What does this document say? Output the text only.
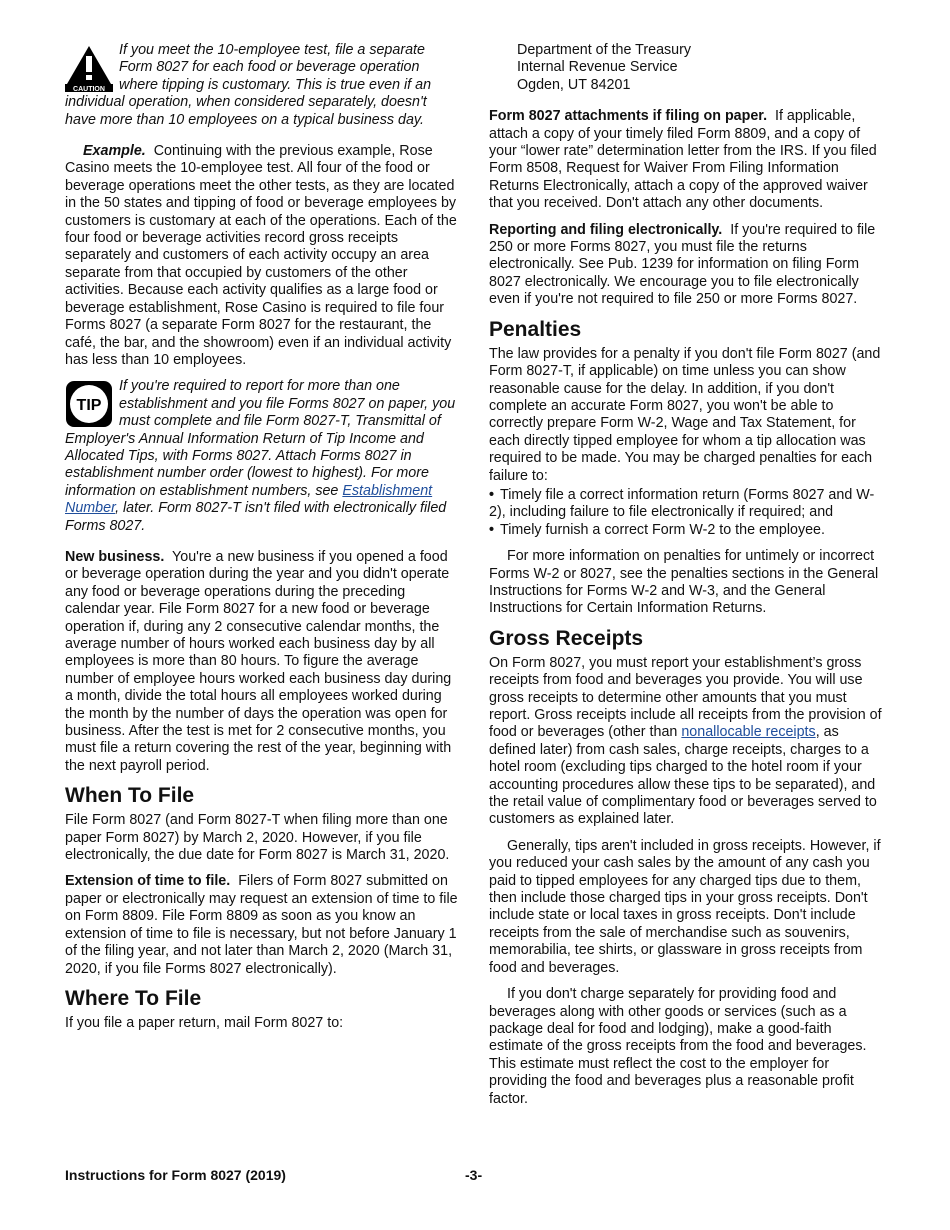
CAUTION

If you meet the 10-employee test, file a separate Form 8027 for each food or beverage operation where tipping is customary. This is true even if an individual operation, when considered separately, doesn't have more than 10 employees on a typical business day.

Example. Continuing with the previous example, Rose Casino meets the 10-employee test. All four of the food or beverage operations meet the other tests, as they are located in the 50 states and tipping of food or beverage employees by customers is customary at each of the operations. Each of the four food or beverage activities record gross receipts separately and customers of each activity occupy an area separate from that occupied by customers of the other activities. Because each activity qualifies as a large food or beverage establishment, Rose Casino is required to file four Forms 8027 (a separate Form 8027 for the restaurant, the café, the bar, and the showroom) even if an individual activity has less than 10 employees.

TIP

If you're required to report for more than one establishment and you file Forms 8027 on paper, you must complete and file Form 8027-T, Transmittal of Employer's Annual Information Return of Tip Income and Allocated Tips, with Forms 8027. Attach Forms 8027 in establishment number order (lowest to highest). For more information on establishment numbers, see Establishment Number, later. Form 8027-T isn't filed with electronically filed Forms 8027.

New business. You're a new business if you opened a food or beverage operation during the year and you didn't operate any food or beverage operations during the preceding calendar year. File Form 8027 for a new food or beverage operation if, during any 2 consecutive calendar months, the average number of hours worked each business day by all employees is more than 80 hours. To figure the average number of employee hours worked each business day during a month, divide the total hours all employees worked during the month by the number of days the operation was open for business. After the test is met for 2 consecutive months, you must file a return covering the rest of the year, beginning with the next payroll period.

When To File

File Form 8027 (and Form 8027-T when filing more than one paper Form 8027) by March 2, 2020. However, if you file electronically, the due date for Form 8027 is March 31, 2020.

Extension of time to file. Filers of Form 8027 submitted on paper or electronically may request an extension of time to file on Form 8809. File Form 8809 as soon as you know an extension of time to file is necessary, but not before January 1 of the filing year, and not later than March 2, 2020 (March 31, 2020, if you file Forms 8027 electronically).

Where To File

If you file a paper return, mail Form 8027 to:

Department of the Treasury
Internal Revenue Service
Ogden, UT 84201

Form 8027 attachments if filing on paper. If applicable, attach a copy of your timely filed Form 8809, and a copy of your “lower rate” determination letter from the IRS. If you filed Form 8508, Request for Waiver From Filing Information Returns Electronically, attach a copy of the approved waiver that you received. Don't attach any other documents.

Reporting and filing electronically. If you're required to file 250 or more Forms 8027, you must file the returns electronically. See Pub. 1239 for information on filing Form 8027 electronically. We encourage you to file electronically even if you're not required to file 250 or more Forms 8027.

Penalties

The law provides for a penalty if you don't file Form 8027 (and Form 8027-T, if applicable) on time unless you can show reasonable cause for the delay. In addition, if you don't complete an accurate Form 8027, you won't be able to correctly prepare Form W-2, Wage and Tax Statement, for each directly tipped employee for whom a tip allocation was required to be made. You may be charged penalties for each failure to:

• Timely file a correct information return (Forms 8027 and W-2), including failure to file electronically if required; and
• Timely furnish a correct Form W-2 to the employee.

For more information on penalties for untimely or incorrect Forms W-2 or 8027, see the penalties sections in the General Instructions for Forms W-2 and W-3, and the General Instructions for Certain Information Returns.

Gross Receipts

On Form 8027, you must report your establishment’s gross receipts from food and beverages you provide. You will use gross receipts to determine other amounts that you must report. Gross receipts include all receipts from the provision of food or beverages (other than nonallocable receipts, as defined later) from cash sales, charge receipts, charges to a hotel room (excluding tips charged to the hotel room if your accounting procedures allow these tips to be separated), and the retail value of complimentary food or beverages served to customers as explained later.

Generally, tips aren't included in gross receipts. However, if you reduced your cash sales by the amount of any cash you paid to tipped employees for any charged tips due to them, then include those charged tips in your gross receipts. Don't include state or local taxes in gross receipts. Don't include receipts from the sale of merchandise such as souvenirs, memorabilia, tee shirts, or glassware in gross receipts from food and beverages.

If you don't charge separately for providing food and beverages along with other goods or services (such as a package deal for food and lodging), make a good-faith estimate of the gross receipts from the food and beverages. This estimate must reflect the cost to the employer for providing the food and beverages plus a reasonable profit factor.

Instructions for Form 8027 (2019)	-3-
